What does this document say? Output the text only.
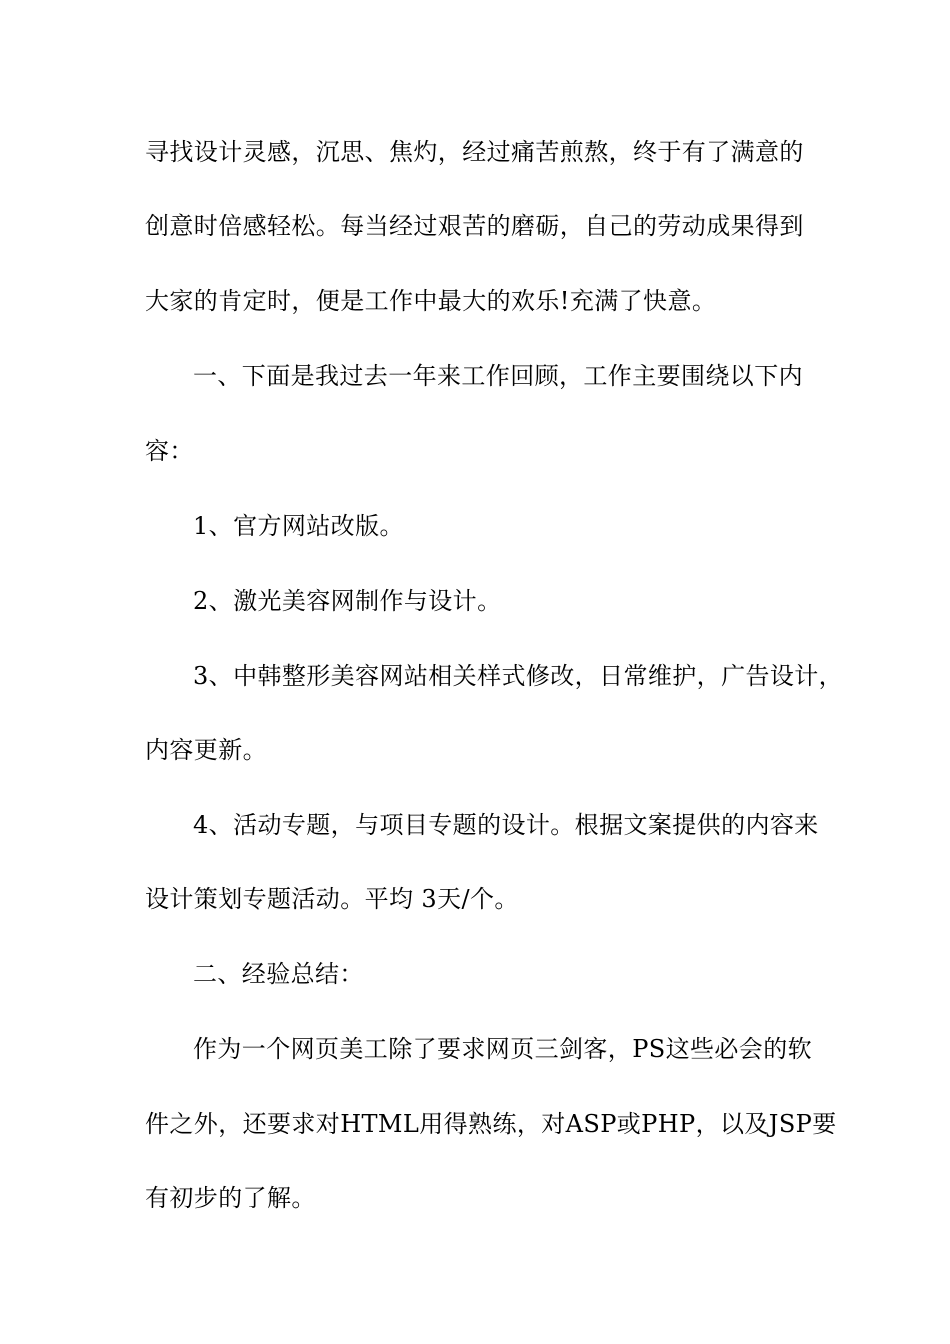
寻找设计灵感，沉思、焦灼，经过痛苦煎熬，终于有了满意的
创意时倍感轻松。每当经过艰苦的磨砺，自己的劳动成果得到
大家的肯定时，便是工作中最大的欢乐!充满了快意。
一、下面是我过去一年来工作回顾，工作主要围绕以下内
容：
1、官方网站改版。
2、激光美容网制作与设计。
3、中韩整形美容网站相关样式修改，日常维护，广告设计，
内容更新。
4、活动专题，与项目专题的设计。根据文案提供的内容来
设计策划专题活动。平均 3天/个。
二、经验总结：
作为一个网页美工除了要求网页三剑客，PS这些必会的软
件之外，还要求对HTML用得熟练，对ASP或PHP，以及JSP要
有初步的了解。
